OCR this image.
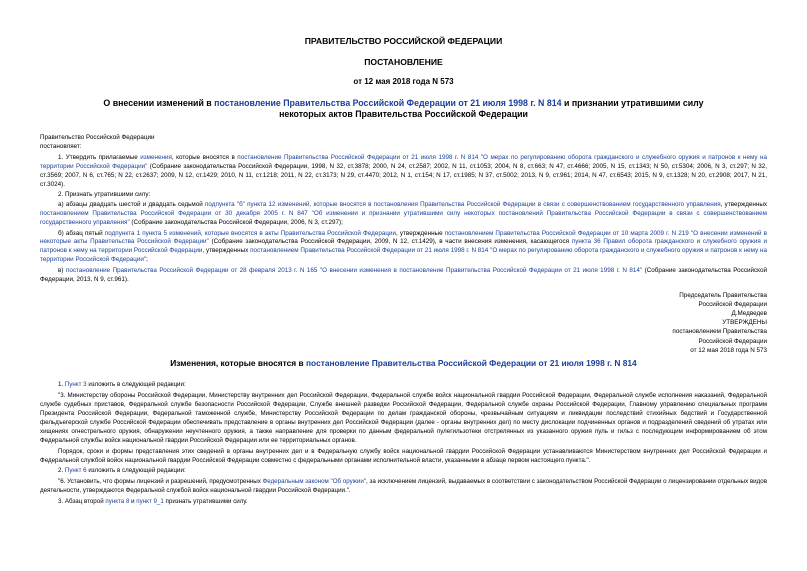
ПРАВИТЕЛЬСТВО РОССИЙСКОЙ ФЕДЕРАЦИИ
ПОСТАНОВЛЕНИЕ
от 12 мая 2018 года N 573
О внесении изменений в постановление Правительства Российской Федерации от 21 июля 1998 г. N 814 и признании утратившими силу некоторых актов Правительства Российской Федерации

Правительство Российской Федерации

постановляет:

1. Утвердить прилагаемые изменения, которые вносятся в постановление Правительства Российской Федерации от 21 июля 1998 г. N 814 "О мерах по регулированию оборота гражданского и служебного оружия и патронов к нему на территории Российской Федерации" (Собрание законодательства Российской Федерации, 1998, N 32, ст.3878; 2000, N 24, ст.2587; 2002, N 11, ст.1053; 2004, N 8, ст.663; N 47, ст.4666; 2005, N 15, ст.1343; N 50, ст.5304; 2006, N 3, ст.297; N 32, ст.3569; 2007, N 6, ст.765; N 22, ст.2637; 2009, N 12, ст.1429; 2010, N 11, ст.1218; 2011, N 22, ст.3173; N 29, ст.4470; 2012, N 1, ст.154; N 17, ст.1985; N 37, ст.5002; 2013, N 9, ст.961; 2014, N 47, ст.6543; 2015, N 9, ст.1328; N 20, ст.2908; 2017, N 21, ст.3024).

2. Признать утратившими силу:

а) абзацы двадцать шестой и двадцать седьмой подпункта "б" пункта 12 изменений, которые вносятся в постановления Правительства Российской Федерации в связи с совершенствованием государственного управления, утвержденных постановлением Правительства Российской Федерации от 30 декабря 2005 г. N 847 "Об изменении и признании утратившими силу некоторых постановлений Правительства Российской Федерации в связи с совершенствованием государственного управления" (Собрание законодательства Российской Федерации, 2006, N 3, ст.297);

б) абзац пятый подпункта 1 пункта 5 изменений, которые вносятся в акты Правительства Российской Федерации, утвержденные постановлением Правительства Российской Федерации от 10 марта 2009 г. N 219 "О внесении изменений в некоторые акты Правительства Российской Федерации" (Собрание законодательства Российской Федерации, 2009, N 12, ст.1429), в части внесения изменения, касающегося пункта 36 Правил оборота гражданского и служебного оружия и патронов к нему на территории Российской Федерации, утвержденных постановлением Правительства Российской Федерации от 21 июля 1998 г. N 814 "О мерах по регулированию оборота гражданского и служебного оружия и патронов к нему на территории Российской Федерации";

в) постановление Правительства Российской Федерации от 28 февраля 2013 г. N 165 "О внесении изменения в постановление Правительства Российской Федерации от 21 июля 1998 г. N 814" (Собрание законодательства Российской Федерации, 2013, N 9, ст.961).

Председатель Правительства
Российской Федерации
Д.Медведев
УТВЕРЖДЕНЫ
постановлением Правительства
Российской Федерации
от 12 мая 2018 года N 573
Изменения, которые вносятся в постановление Правительства Российской Федерации от 21 июля 1998 г. N 814

1. Пункт 3 изложить в следующей редакции:

"3. Министерству обороны Российской Федерации, Министерству внутренних дел Российской Федерации, Федеральной службе войск национальной гвардии Российской Федерации, Федеральной службе исполнения наказаний, Федеральной службе судебных приставов, Федеральной службе безопасности Российской Федерации, Службе внешней разведки Российской Федерации, Федеральной службе охраны Российской Федерации, Главному управлению специальных программ Президента Российской Федерации, Федеральной таможенной службе, Министерству Российской Федерации по делам гражданской обороны, чрезвычайным ситуациям и ликвидации последствий стихийных бедствий и Государственной фельдъегерской службе Российской Федерации обеспечивать представление в органы внутренних дел Российской Федерации (далее - органы внутренних дел) по месту дислокации подчиненных органов и подразделений сведений об утратах или хищениях огнестрельного оружия, обнаружении неучтенного оружия, а также направление для проверки по данным федеральной пулегильзотеки отстрелянных из указанного оружия пуль и гильз с последующим информированием об этом Федеральной службы войск национальной гвардии Российской Федерации или ее территориальных органов.

Порядок, сроки и формы представления этих сведений в органы внутренних дел и в Федеральную службу войск национальной гвардии Российской Федерации устанавливаются Министерством внутренних дел Российской Федерации и Федеральной службой войск национальной гвардии Российской Федерации совместно с федеральными органами исполнительной власти, указанными в абзаце первом настоящего пункта.".

2. Пункт 6 изложить в следующей редакции:

"6. Установить, что формы лицензий и разрешений, предусмотренных Федеральным законом "Об оружии", за исключением лицензий, выдаваемых в соответствии с законодательством Российской Федерации о лицензировании отдельных видов деятельности, утверждаются Федеральной службой войск национальной гвардии Российской Федерации.".

3. Абзац второй пункта 8 и пункт 9_1 признать утратившими силу.
